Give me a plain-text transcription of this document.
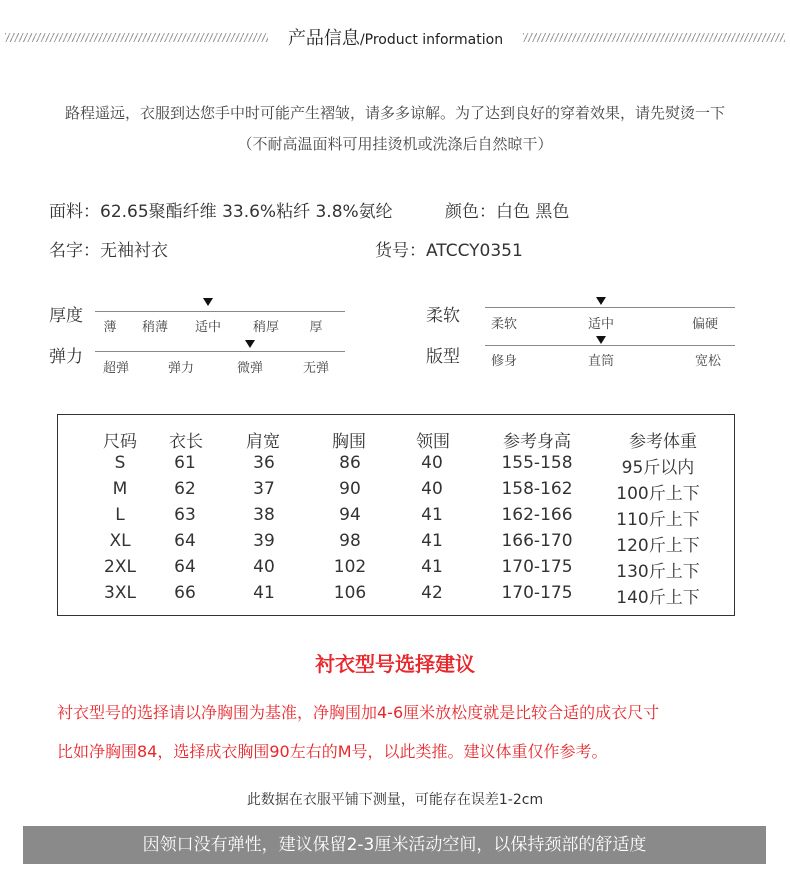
产品信息/Product information
路程遥远，衣服到达您手中时可能产生褶皱，请多多谅解。为了达到良好的穿着效果，请先熨烫一下
（不耐高温面料可用挂烫机或洗涤后自然晾干）
面料：62.65聚酯纤维 33.6%粘纤 3.8%氨纶	颜色：白色 黑色
名字：无袖衬衣	货号：ATCCY0351
厚度
薄 稍薄 适中 稍厚 厚
弹力
超弹	弹力	微弹	无弹
柔软 柔软	适中	偏硬
版型 修身	直筒	宽松
尺码 衣长	肩宽	胸围	领围	参考身高	参考体重
S	61	36	86	40	155-158	95斤以内
M	62	37	90	40	158-162	100斤上下
L	63	38	94	41	162-166	110斤上下
XL	64	39	98	41	166-170	120斤上下
2XL 64	40	102	41	170-175	130斤上下
3XL 66	41	106	42	170-175	140斤上下
衬衣型号选择建议
衬衣型号的选择请以净胸围为基准，净胸围加4-6厘米放松度就是比较合适的成衣尺寸
比如净胸围84，选择成衣胸围90左右的M号，以此类推。建议体重仅作参考。
此数据在衣服平铺下测量，可能存在误差1-2cm
因领口没有弹性，建议保留2-3厘米活动空间，以保持颈部的舒适度
